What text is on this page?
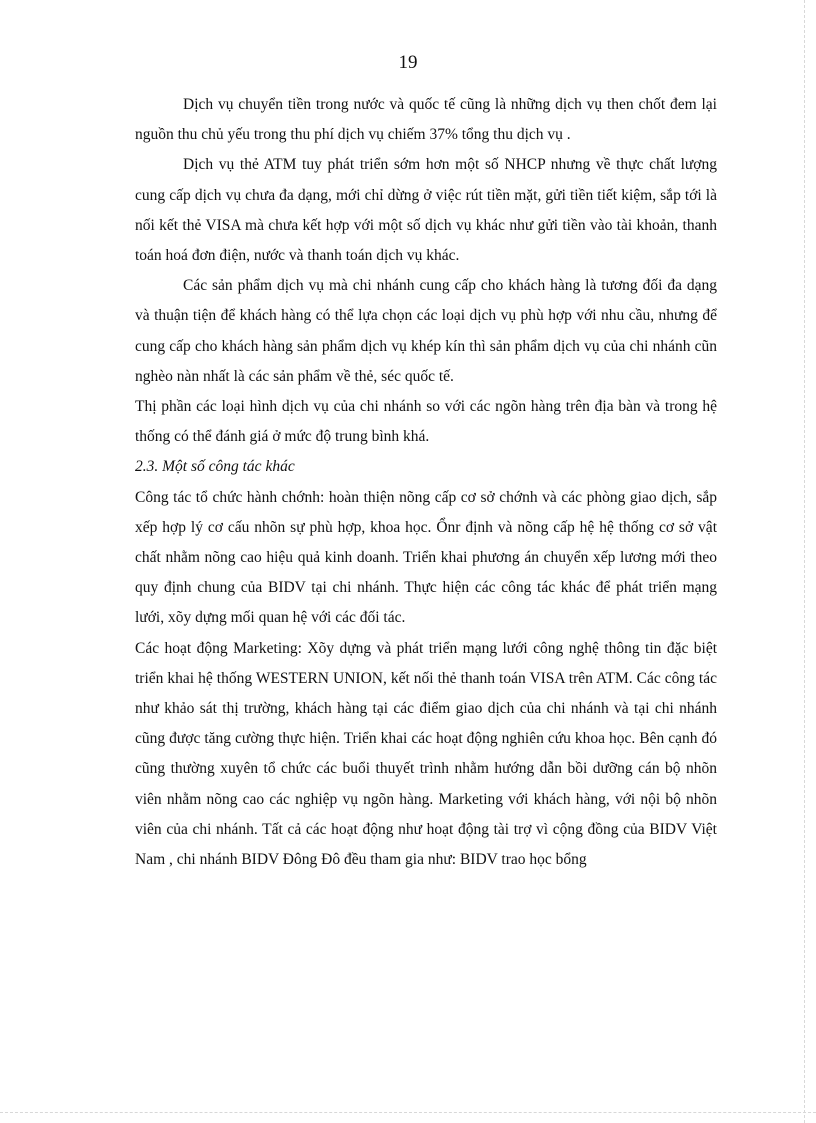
19

Dịch vụ chuyển tiền trong nước và quốc tế cũng là những dịch vụ then chốt đem lại nguồn thu chủ yếu trong thu phí dịch vụ chiếm 37% tổng thu dịch vụ .

Dịch vụ thẻ ATM tuy phát triển sớm hơn một số NHCP nhưng về thực chất lượng cung cấp dịch vụ chưa đa dạng, mới chỉ dừng ở việc rút tiền mặt, gửi tiền tiết kiệm, sắp tới là nối kết thẻ VISA mà chưa kết hợp với một số dịch vụ khác như gửi tiền vào tài khoản, thanh toán hoá đơn điện, nước và thanh toán dịch vụ khác.

Các sản phẩm dịch vụ mà chi nhánh cung cấp cho khách hàng là tương đối đa dạng và thuận tiện để khách hàng có thể lựa chọn các loại dịch vụ phù hợp với nhu cầu, nhưng để cung cấp cho khách hàng sản phẩm dịch vụ khép kín thì sản phẩm dịch vụ của chi nhánh cũn nghèo nàn nhất là các sản phẩm về thẻ, séc quốc tế.

Thị phần các loại hình dịch vụ của chi nhánh so với các ngõn hàng trên địa bàn và trong hệ thống có thể đánh giá ở mức độ trung bình khá.

2.3. Một số công tác khác

Công tác tổ chức hành chớnh: hoàn thiện nõng cấp cơ sở chớnh và các phòng giao dịch, sắp xếp hợp lý cơ cấu nhõn sự phù hợp, khoa học. Ổnr định và nõng cấp hệ hệ thống cơ sở vật chất nhằm nõng cao hiệu quả kinh doanh. Triển khai phương án chuyển xếp lương mới theo quy định chung của BIDV tại chi nhánh. Thực hiện các công tác khác để phát triển mạng lưới, xõy dựng mối quan hệ với các đối tác.

Các hoạt động Marketing: Xõy dựng và phát triển mạng lưới công nghệ thông tin đặc biệt triển khai hệ thống WESTERN UNION, kết nối thẻ thanh toán VISA trên ATM. Các công tác như khảo sát thị trường, khách hàng tại các điểm giao dịch của chi nhánh và tại chi nhánh cũng được tăng cường thực hiện. Triển khai các hoạt động nghiên cứu khoa học. Bên cạnh đó cũng thường xuyên tổ chức các buổi thuyết trình nhằm hướng dẫn bồi dưỡng cán bộ nhõn viên nhằm nõng cao các nghiệp vụ ngõn hàng. Marketing với khách hàng, với nội bộ nhõn viên của chi nhánh. Tất cả các hoạt động như hoạt động tài trợ vì cộng đồng của BIDV Việt Nam , chi nhánh BIDV Đông Đô đều tham gia như: BIDV trao học bổng
